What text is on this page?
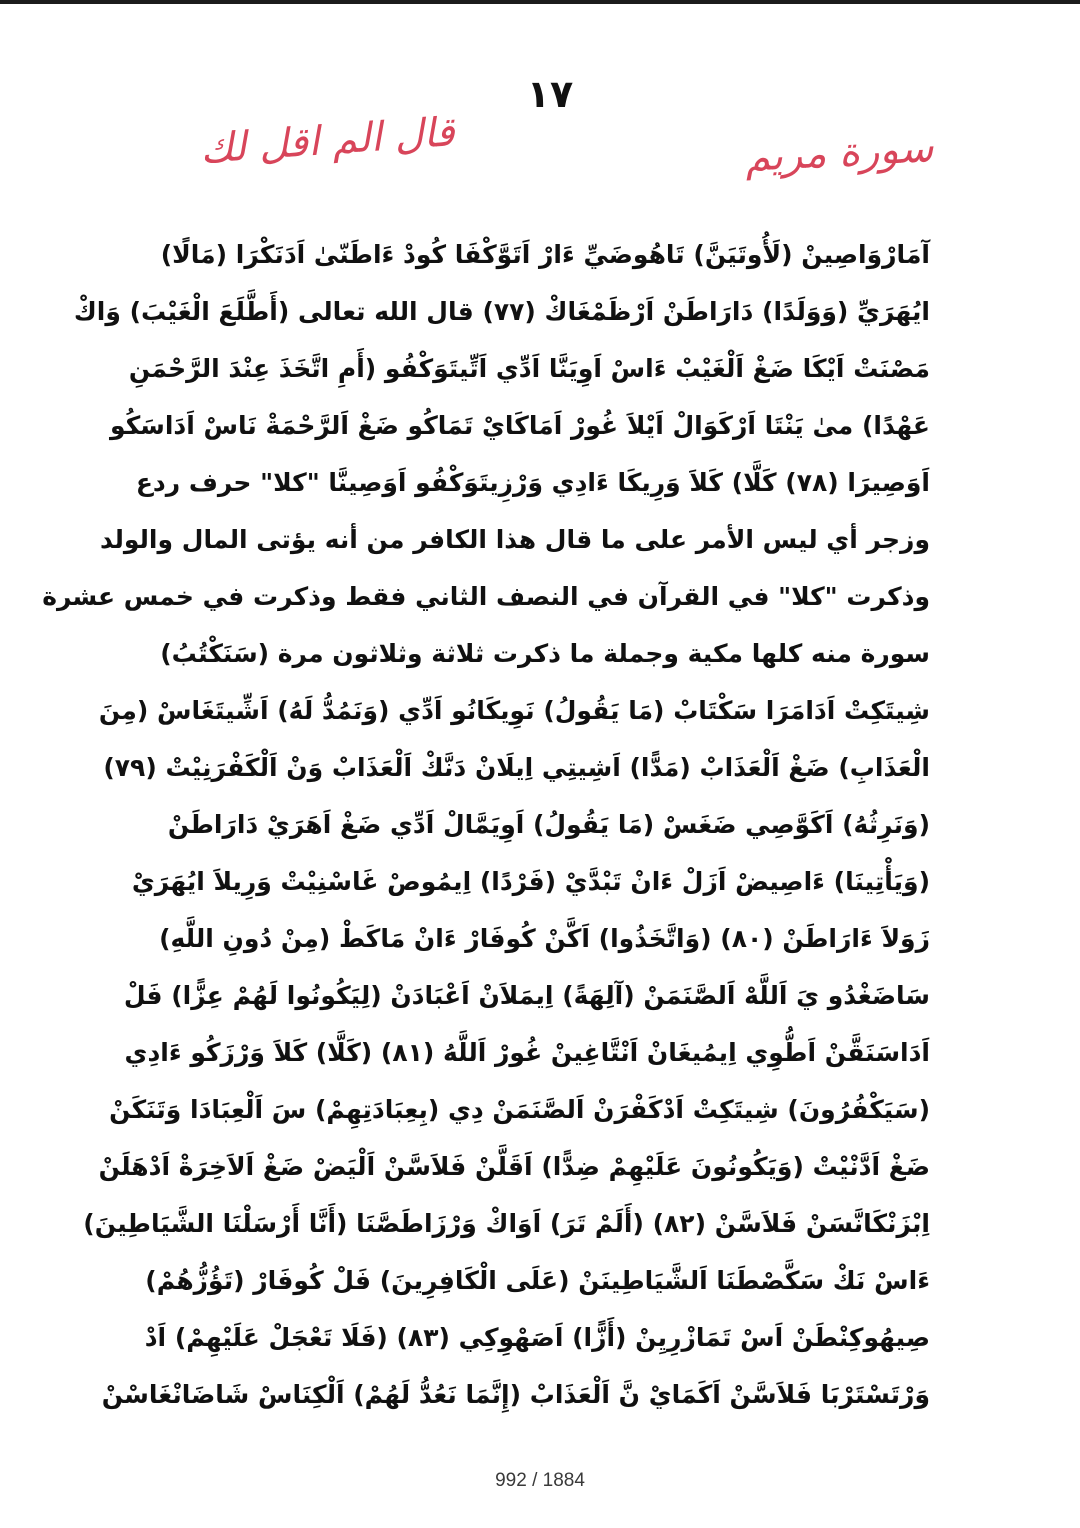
١٧
قال الم اقل لك	سورة مريم
آمَارْوَاصِينْ (لَأُوتَيَنَّ) تَاهُوضَيِّ ءَارْ اَتَوَّكْفَا كُودْ ءَاطَنّىٰ اَدَنَكْرَا (مَالًا)
ايُهَرَيِّ (وَوَلَدًا) دَارَاطَنْ اَرْظَمْغَاكْ (٧٧) قال الله تعالى (أَطَّلَعَ الْغَيْبَ) وَاكْ
مَصْنَتْ اَيْكَا ضَغْ اَلْغَيْبْ ءَاسْ اَوِيَنَّا اَدِّي اَتِّيتَوَكْفُو (أَمِ اتَّخَذَ عِنْدَ الرَّحْمَنِ
عَهْدًا) مىٰ يَنْتَا اَرْكَوَالْ اَيْلاَ غُورْ اَمَاكَايْ تَمَاكُو ضَغْ اَلرَّحْمَةْ نَاسْ اَدَاسَكُو
اَوَصِيرَا (٧٨) كَلَّا) كَلاَ وَرِيكَا ءَادِي وَرْزِيتَوَكْفُو اَوَصِينَّا "كلا" حرف ردع
وزجر أي ليس الأمر على ما قال هذا الكافر من أنه يؤتى المال والولد
وذكرت "كلا" في القرآن في النصف الثاني فقط وذكرت في خمس عشرة
سورة منه كلها مكية وجملة ما ذكرت ثلاثة وثلاثون مرة (سَنَكْتُبُ)
شِيتَكِتْ اَدَامَرَا سَكْتَابْ (مَا يَقُولُ) نَوِيكَانُو اَدِّي (وَنَمُدُّ لَهُ) اَشِّيتَغَاسْ (مِنَ
الْعَذَابِ) ضَغْ اَلْعَذَابْ (مَدًّا) اَشِيتِي اِيلَانْ دَنَّكْ اَلْعَذَابْ وَنْ اَلْكَفْرَنِيْتْ (٧٩)
(وَنَرِثُهُ) اَكَوَّصِي ضَغَسْ (مَا يَقُولُ) اَوِيَمَّالْ اَدِّي ضَغْ اَهَرَيْ دَارَاطَنْ
(وَيَأْتِينَا) ءَاصِيضْ اَزَلْ ءَانْ تَبْدَّيْ (فَرْدًا) اِيمُوصْ غَاسْنِيْتْ وَرِيلاَ ايُهَرَيْ
زَوَلاَ ءَارَاطَنْ (٨٠) (وَاتَّخَذُوا) اَكَّنْ كُوفَارْ ءَانْ مَاكَطْ (مِنْ دُونِ اللَّهِ)
سَاضَغْدُو يَ اَللَّهْ اَلصَّنَمَنْ (آلِهَةً) اِيمَلاَنْ اَعْبَادَنْ (لِيَكُونُوا لَهُمْ عِزًّا) فَلْ
اَدَاسَنَقَّنْ اَطُّوِي اِيمُيغَانْ اَنْتَّاغِينْ غُورْ اَللَّهُ (٨١) (كَلَّا) كَلاَ وَرْزَكُو ءَادِي
(سَيَكْفُرُونَ) شِيتَكِتْ اَدْكَفْرَنْ اَلصَّنَمَنْ دِي (بِعِبَادَتِهِمْ) سَ اَلْعِبَادَا وَتَنَكَنْ
ضَغْ اَدَّنْيْتْ (وَيَكُونُونَ عَلَيْهِمْ ضِدًّا) اَقَلَّنْ فَلاَسَّنْ اَلْيَضْ ضَغْ اَلاَخِرَةْ اَدْهَلَنْ
اِبْزَنْكَانَّسَنْ فَلاَسَّنْ (٨٢) (أَلَمْ تَرَ) اَوَاكْ وَرْزَاطَصَّنَا (أَنَّا أَرْسَلْنَا الشَّيَاطِينَ)
ءَاسْ نَكْ سَكَّصْطَنَا اَلشَّيَاطِينَنْ (عَلَى الْكَافِرِينَ) فَلْ كُوفَارْ (تَؤُزُّهُمْ)
صِيهُوكِنْطَنْ اَسْ تَمَازْرِيِنْ (أَزًّا) اَصَهْوِكِي (٨٣) (فَلَا تَعْجَلْ عَلَيْهِمْ) اَدْ
وَرْتَسْتَرْبَا فَلاَسَّنْ اَكَمَايْ نَّ اَلْعَذَابْ (إِنَّمَا نَعُدُّ لَهُمْ) اَلْكِنَاسْ شَاضَانْغَاسْنْ
992 / 1884
